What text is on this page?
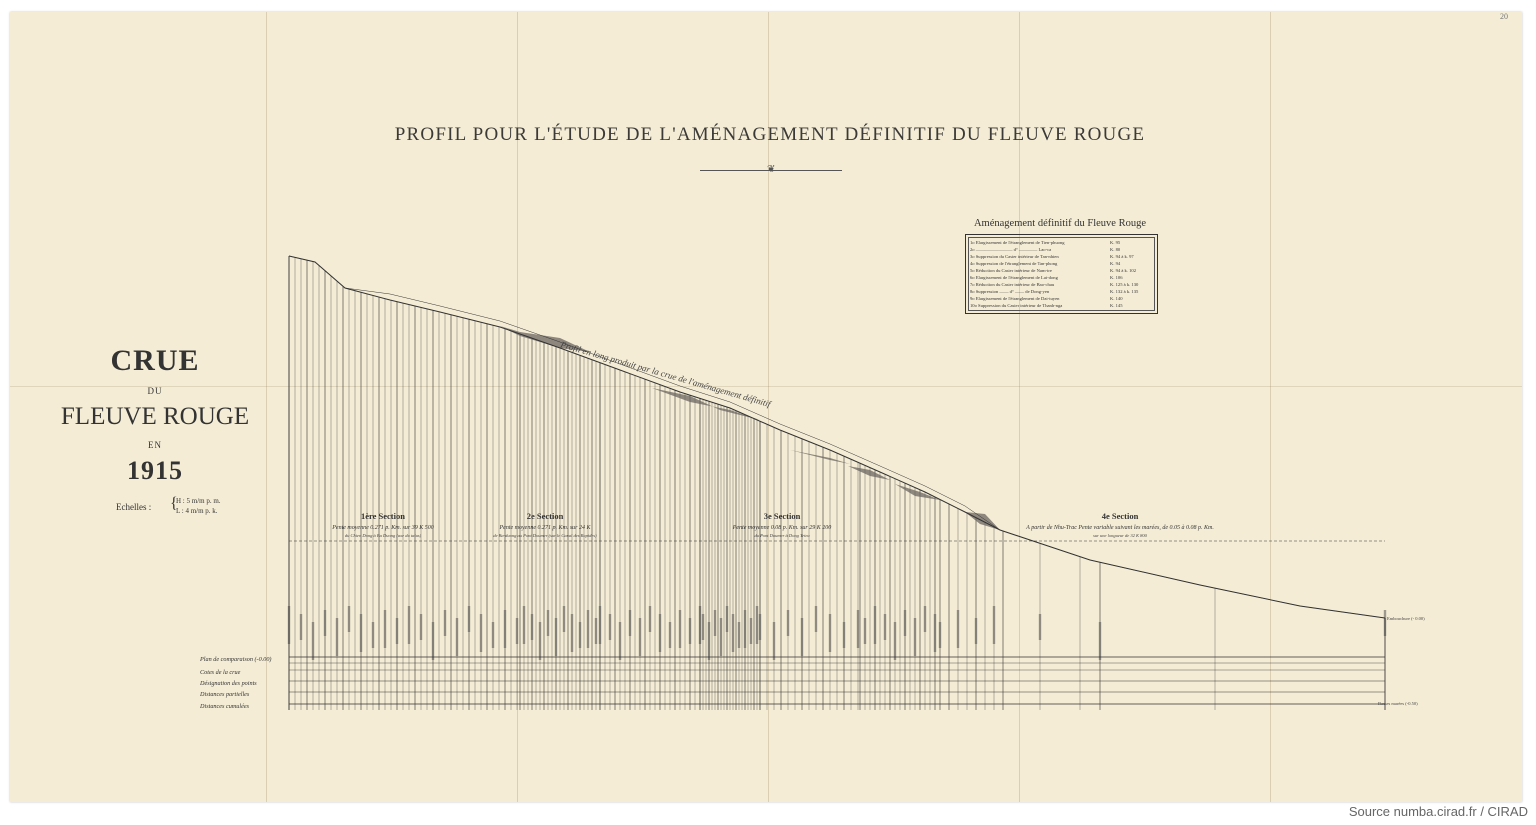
20
PROFIL POUR L'ÉTUDE DE L'AMÉNAGEMENT DÉFINITIF DU FLEUVE ROUGE
❦
CRUE
DU
FLEUVE ROUGE
EN
1915
Echelles : {
H : 5 m/m p. m.
L : 4 m/m p. k.
Aménagement définitif du Fleuve Rouge
1o Elargissement de l'étranglement de Tien-phuong	K. 95
2o ———————— d° ———— Lao-ca	K. 80
3o Suppression du Casier intérieur de Tan-nhien	K. 94 à k. 97
4o Suppression de l'étranglement de Tan-phong	K. 94
5o Réduction du Casier intérieur de Nam-tre	K. 94 à k. 102
6o Elargissement de l'étranglement de Lai-dong	K. 106
7o Réduction du Casier intérieur de Bao-chau	K. 125 à k. 130
8o Suppression —— d° —— de Dong-yen	K. 132 à k. 135
9o Elargissement de l'étranglement de Dai-tuyen	K. 140
10o Suppression du Casier intérieur de Thanh-nga	K. 145
Plan de comparaison (-0.00)
Cotes de la crue
Désignation des points
Distances partielles
Distances cumulées
Profil en long produit par la crue de l'aménagement définitif
Embouchure (- 0.00)
Basses marées (-0.50)
1ère Section
Pente moyenne 0.271 p. Km. sur 39 K 500
du Chien Dong à Ba Duong (axe du talus)
2e Section
Pente moyenne 0.271 p. Km. sur 24 K
de Ba-duong au Pont Doumer (sur le Canal des Rapides)
3e Section
Pente moyenne 0.08 p. Km. sur 29 K 200
du Pont Doumer à Dong Trieu
4e Section
A partir de Nhu-Trac Pente variable suivant les marées, de 0.05 à 0.08 p. Km.
sur une longueur de 32 K 800
Source numba.cirad.fr / CIRAD
